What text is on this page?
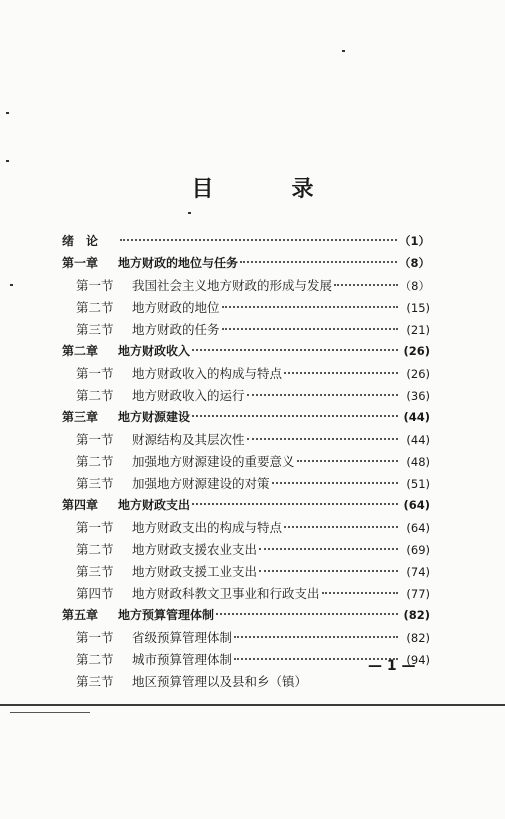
目　录
绪　论	（1）
第一章	地方财政的地位与任务	（8）
第一节	我国社会主义地方财政的形成与发展	（8）
第二节	地方财政的地位	(15)
第三节	地方财政的任务	(21)
第二章	地方财政收入	(26)
第一节	地方财政收入的构成与特点	(26)
第二节	地方财政收入的运行	(36)
第三章	地方财源建设	(44)
第一节	财源结构及其层次性	(44)
第二节	加强地方财源建设的重要意义	(48)
第三节	加强地方财源建设的对策	(51)
第四章	地方财政支出	(64)
第一节	地方财政支出的构成与特点	(64)
第二节	地方财政支援农业支出	(69)
第三节	地方财政支援工业支出	(74)
第四节	地方财政科教文卫事业和行政支出	(77)
第五章	地方预算管理体制	(82)
第一节	省级预算管理体制	(82)
第二节	城市预算管理体制	(94)
第三节	地区预算管理以及县和乡（镇）
— 1 —
